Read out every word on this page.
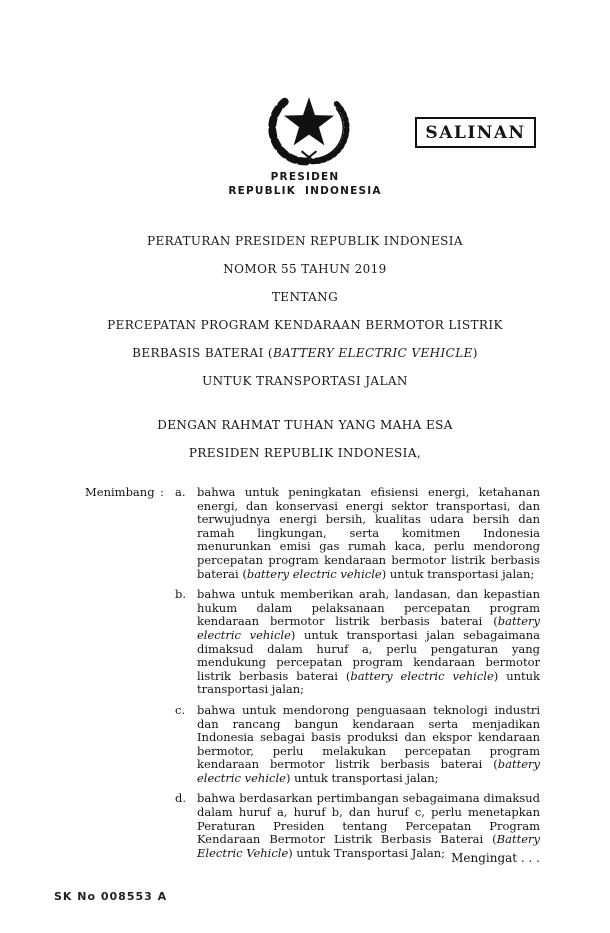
SALINAN
PRESIDEN
REPUBLIK INDONESIA
PERATURAN PRESIDEN REPUBLIK INDONESIA
NOMOR 55 TAHUN 2019
TENTANG
PERCEPATAN PROGRAM KENDARAAN BERMOTOR LISTRIK
BERBASIS BATERAI (BATTERY ELECTRIC VEHICLE)
UNTUK TRANSPORTASI JALAN
DENGAN RAHMAT TUHAN YANG MAHA ESA
PRESIDEN REPUBLIK INDONESIA,
Menimbang : a. bahwa untuk peningkatan efisiensi energi, ketahanan energi, dan konservasi energi sektor transportasi, dan terwujudnya energi bersih, kualitas udara bersih dan ramah lingkungan, serta komitmen Indonesia menurunkan emisi gas rumah kaca, perlu mendorong percepatan program kendaraan bermotor listrik berbasis baterai (battery electric vehicle) untuk transportasi jalan;
b. bahwa untuk memberikan arah, landasan, dan kepastian hukum dalam pelaksanaan percepatan program kendaraan bermotor listrik berbasis baterai (battery electric vehicle) untuk transportasi jalan sebagaimana dimaksud dalam huruf a, perlu pengaturan yang mendukung percepatan program kendaraan bermotor listrik berbasis baterai (battery electric vehicle) untuk transportasi jalan;
c.	bahwa untuk mendorong penguasaan teknologi industri dan rancang bangun kendaraan serta menjadikan Indonesia sebagai basis produksi dan ekspor kendaraan bermotor, perlu melakukan percepatan program kendaraan bermotor listrik berbasis baterai (battery electric vehicle) untuk transportasi jalan;
d. bahwa berdasarkan pertimbangan sebagaimana dimaksud dalam huruf a, huruf b, dan huruf c, perlu menetapkan Peraturan Presiden tentang Percepatan Program Kendaraan Bermotor Listrik Berbasis Baterai (Battery Electric Vehicle) untuk Transportasi Jalan; Mengingat . . .
SK No 008553 A
